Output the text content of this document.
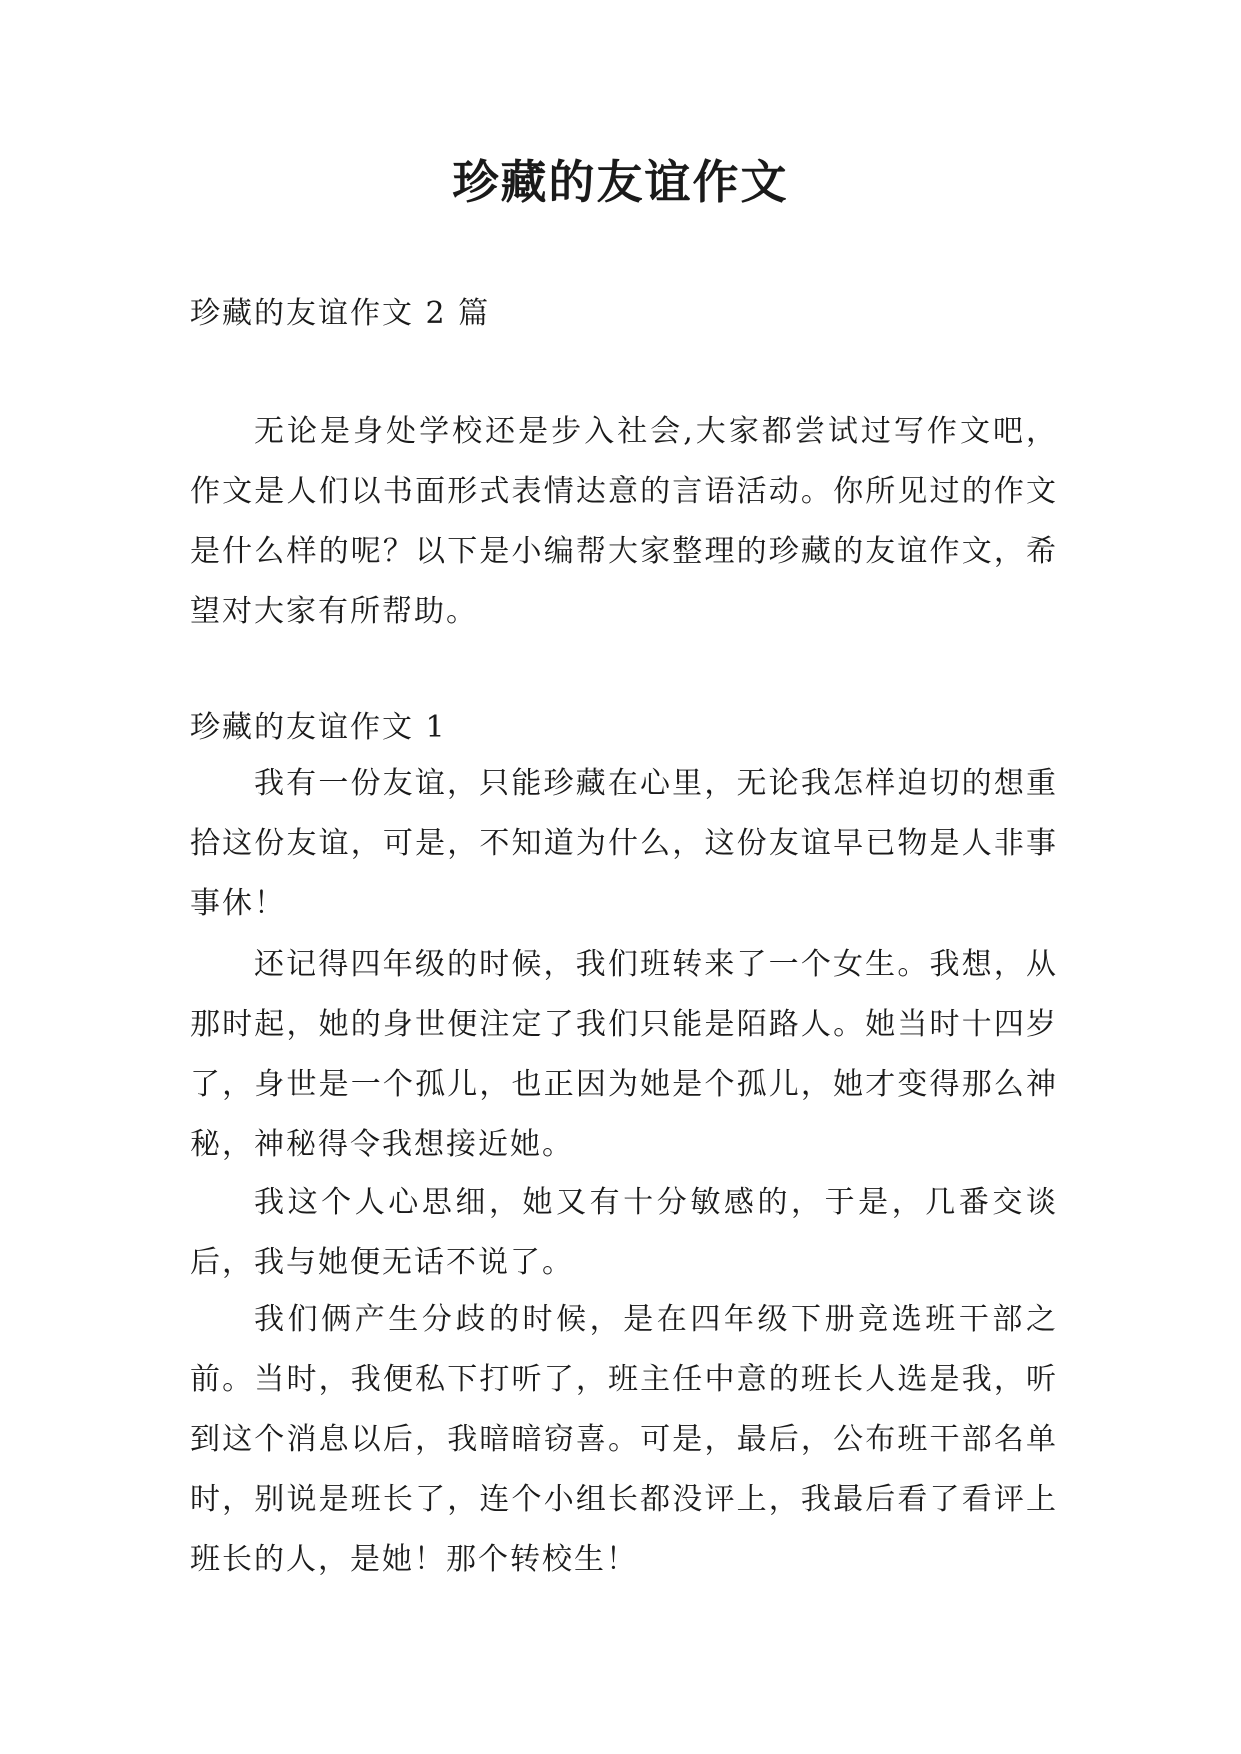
珍藏的友谊作文

珍藏的友谊作文 2 篇

无论是身处学校还是步入社会,大家都尝试过写作文吧，作文是人们以书面形式表情达意的言语活动。你所见过的作文是什么样的呢？以下是小编帮大家整理的珍藏的友谊作文，希望对大家有所帮助。

珍藏的友谊作文 1

我有一份友谊，只能珍藏在心里，无论我怎样迫切的想重拾这份友谊，可是，不知道为什么，这份友谊早已物是人非事事休！

还记得四年级的时候，我们班转来了一个女生。我想，从那时起，她的身世便注定了我们只能是陌路人。她当时十四岁了，身世是一个孤儿，也正因为她是个孤儿，她才变得那么神秘，神秘得令我想接近她。

我这个人心思细，她又有十分敏感的，于是，几番交谈后，我与她便无话不说了。

我们俩产生分歧的时候，是在四年级下册竞选班干部之前。当时，我便私下打听了，班主任中意的班长人选是我，听到这个消息以后，我暗暗窃喜。可是，最后，公布班干部名单时，别说是班长了，连个小组长都没评上，我最后看了看评上班长的人，是她！那个转校生！
